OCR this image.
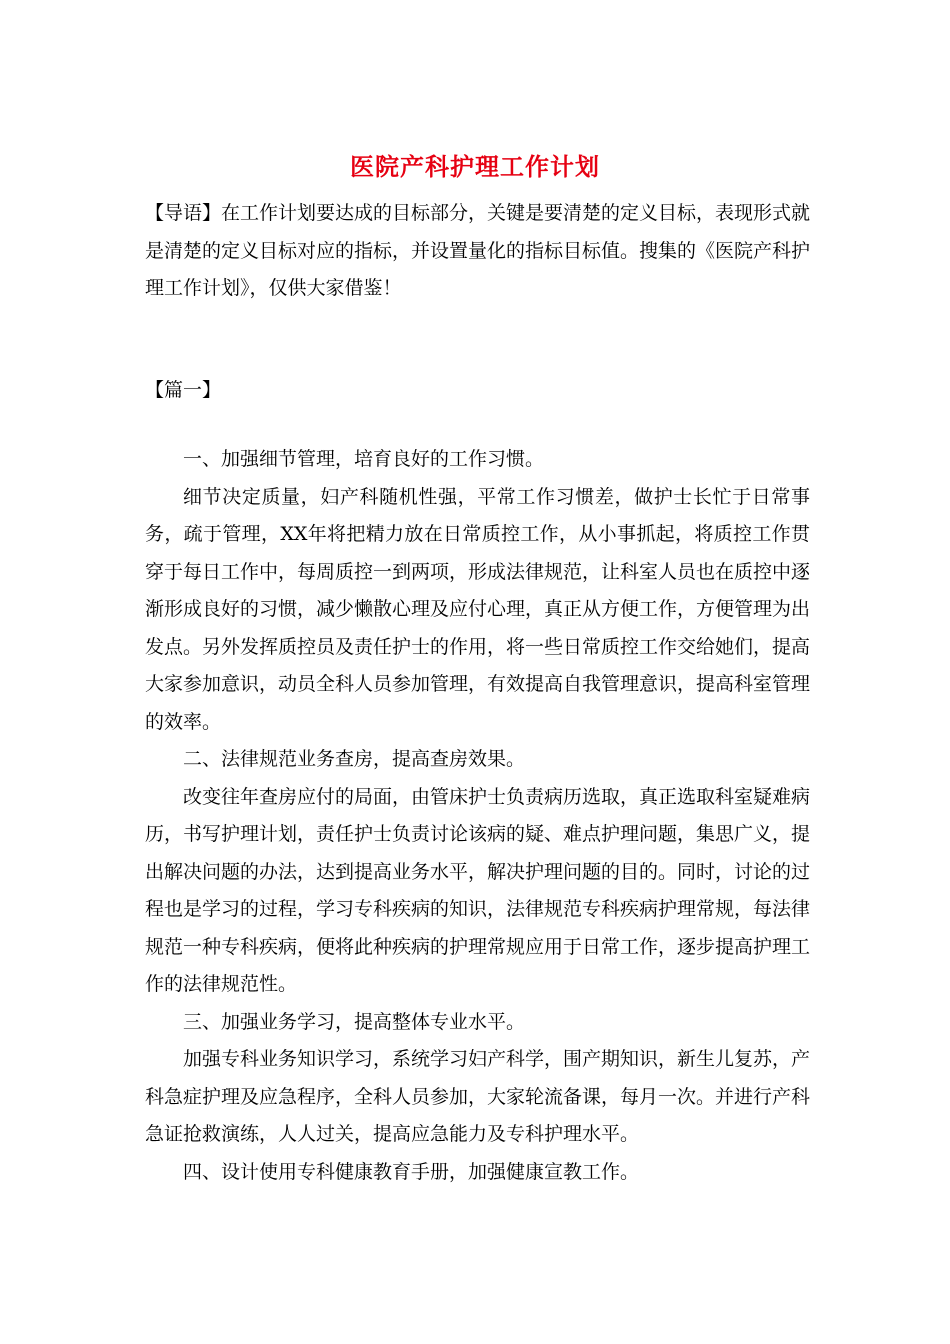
医院产科护理工作计划

【导语】在工作计划要达成的目标部分，关键是要清楚的定义目标，表现形式就是清楚的定义目标对应的指标，并设置量化的指标目标值。搜集的《医院产科护理工作计划》，仅供大家借鉴！

【篇一】

一、加强细节管理，培育良好的工作习惯。

细节决定质量，妇产科随机性强，平常工作习惯差，做护士长忙于日常事务，疏于管理，XX年将把精力放在日常质控工作，从小事抓起，将质控工作贯穿于每日工作中，每周质控一到两项，形成法律规范，让科室人员也在质控中逐渐形成良好的习惯，减少懒散心理及应付心理，真正从方便工作，方便管理为出发点。另外发挥质控员及责任护士的作用，将一些日常质控工作交给她们，提高大家参加意识，动员全科人员参加管理，有效提高自我管理意识，提高科室管理的效率。

二、法律规范业务查房，提高查房效果。

改变往年查房应付的局面，由管床护士负责病历选取，真正选取科室疑难病历，书写护理计划，责任护士负责讨论该病的疑、难点护理问题，集思广义，提出解决问题的办法，达到提高业务水平，解决护理问题的目的。同时，讨论的过程也是学习的过程，学习专科疾病的知识，法律规范专科疾病护理常规，每法律规范一种专科疾病，便将此种疾病的护理常规应用于日常工作，逐步提高护理工作的法律规范性。

三、加强业务学习，提高整体专业水平。

加强专科业务知识学习，系统学习妇产科学，围产期知识，新生儿复苏，产科急症护理及应急程序，全科人员参加，大家轮流备课，每月一次。并进行产科急证抢救演练，人人过关，提高应急能力及专科护理水平。

四、设计使用专科健康教育手册，加强健康宣教工作。
